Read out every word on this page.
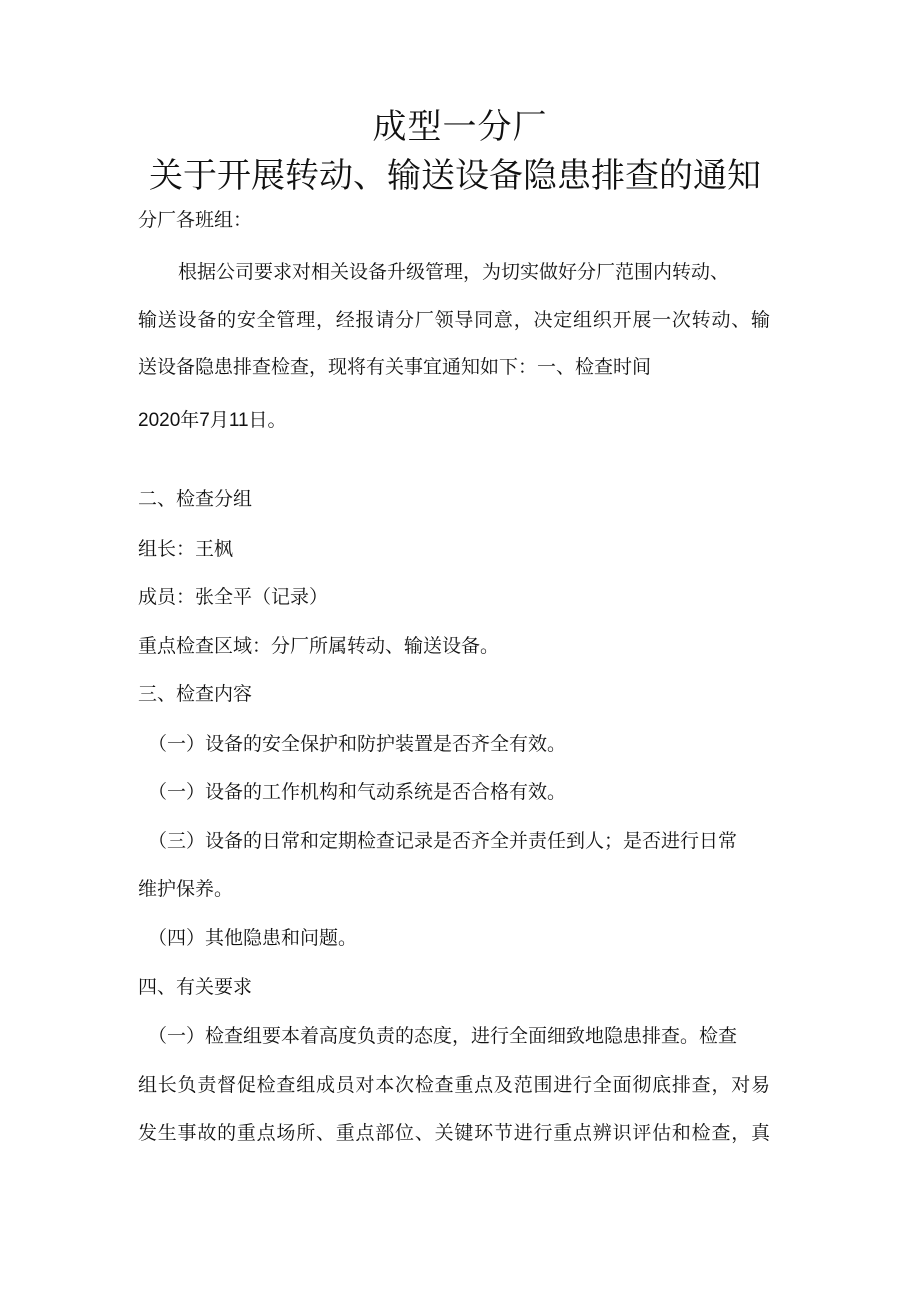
成型一分厂
关于开展转动、输送设备隐患排查的通知

分厂各班组：

根据公司要求对相关设备升级管理，为切实做好分厂范围内转动、

输送设备的安全管理，经报请分厂领导同意，决定组织开展一次转动、输

送设备隐患排查检查，现将有关事宜通知如下：一、检查时间

2020年7月11日。

二、检查分组

组长：王枫

成员：张全平（记录）

重点检查区域：分厂所属转动、输送设备。

三、检查内容

（一）设备的安全保护和防护装置是否齐全有效。

（一）设备的工作机构和气动系统是否合格有效。

（三）设备的日常和定期检查记录是否齐全并责任到人；是否进行日常

维护保养。

（四）其他隐患和问题。

四、有关要求

（一）检查组要本着高度负责的态度，进行全面细致地隐患排查。检查

组长负责督促检查组成员对本次检查重点及范围进行全面彻底排查，对易

发生事故的重点场所、重点部位、关键环节进行重点辨识评估和检查，真
